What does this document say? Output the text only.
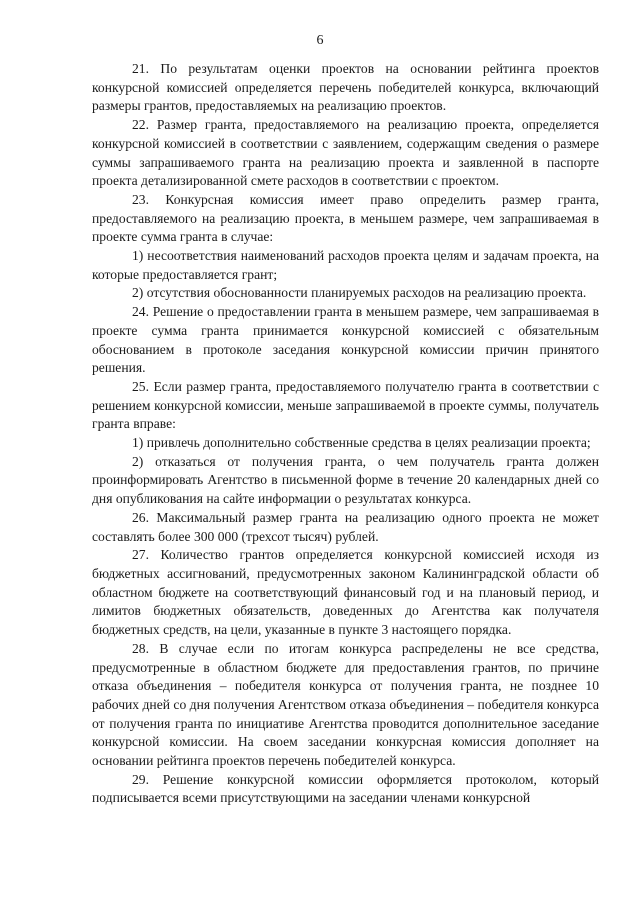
6

21. По результатам оценки проектов на основании рейтинга проектов конкурсной комиссией определяется перечень победителей конкурса, включающий размеры грантов, предоставляемых на реализацию проектов.

22. Размер гранта, предоставляемого на реализацию проекта, определяется конкурсной комиссией в соответствии с заявлением, содержащим сведения о размере суммы запрашиваемого гранта на реализацию проекта и заявленной в паспорте проекта детализированной смете расходов в соответствии с проектом.

23. Конкурсная комиссия имеет право определить размер гранта, предоставляемого на реализацию проекта, в меньшем размере, чем запрашиваемая в проекте сумма гранта в случае:

1) несоответствия наименований расходов проекта целям и задачам проекта, на которые предоставляется грант;

2) отсутствия обоснованности планируемых расходов на реализацию проекта.

24. Решение о предоставлении гранта в меньшем размере, чем запрашиваемая в проекте сумма гранта принимается конкурсной комиссией с обязательным обоснованием в протоколе заседания конкурсной комиссии причин принятого решения.

25. Если размер гранта, предоставляемого получателю гранта в соответствии с решением конкурсной комиссии, меньше запрашиваемой в проекте суммы, получатель гранта вправе:

1) привлечь дополнительно собственные средства в целях реализации проекта;

2) отказаться от получения гранта, о чем получатель гранта должен проинформировать Агентство в письменной форме в течение 20 календарных дней со дня опубликования на сайте информации о результатах конкурса.

26. Максимальный размер гранта на реализацию одного проекта не может составлять более 300 000 (трехсот тысяч) рублей.

27. Количество грантов определяется конкурсной комиссией исходя из бюджетных ассигнований, предусмотренных законом Калининградской области об областном бюджете на соответствующий финансовый год и на плановый период, и лимитов бюджетных обязательств, доведенных до Агентства как получателя бюджетных средств, на цели, указанные в пункте 3 настоящего порядка.

28. В случае если по итогам конкурса распределены не все средства, предусмотренные в областном бюджете для предоставления грантов, по причине отказа объединения – победителя конкурса от получения гранта, не позднее 10 рабочих дней со дня получения Агентством отказа объединения – победителя конкурса от получения гранта по инициативе Агентства проводится дополнительное заседание конкурсной комиссии. На своем заседании конкурсная комиссия дополняет на основании рейтинга проектов перечень победителей конкурса.

29. Решение конкурсной комиссии оформляется протоколом, который подписывается всеми присутствующими на заседании членами конкурсной
